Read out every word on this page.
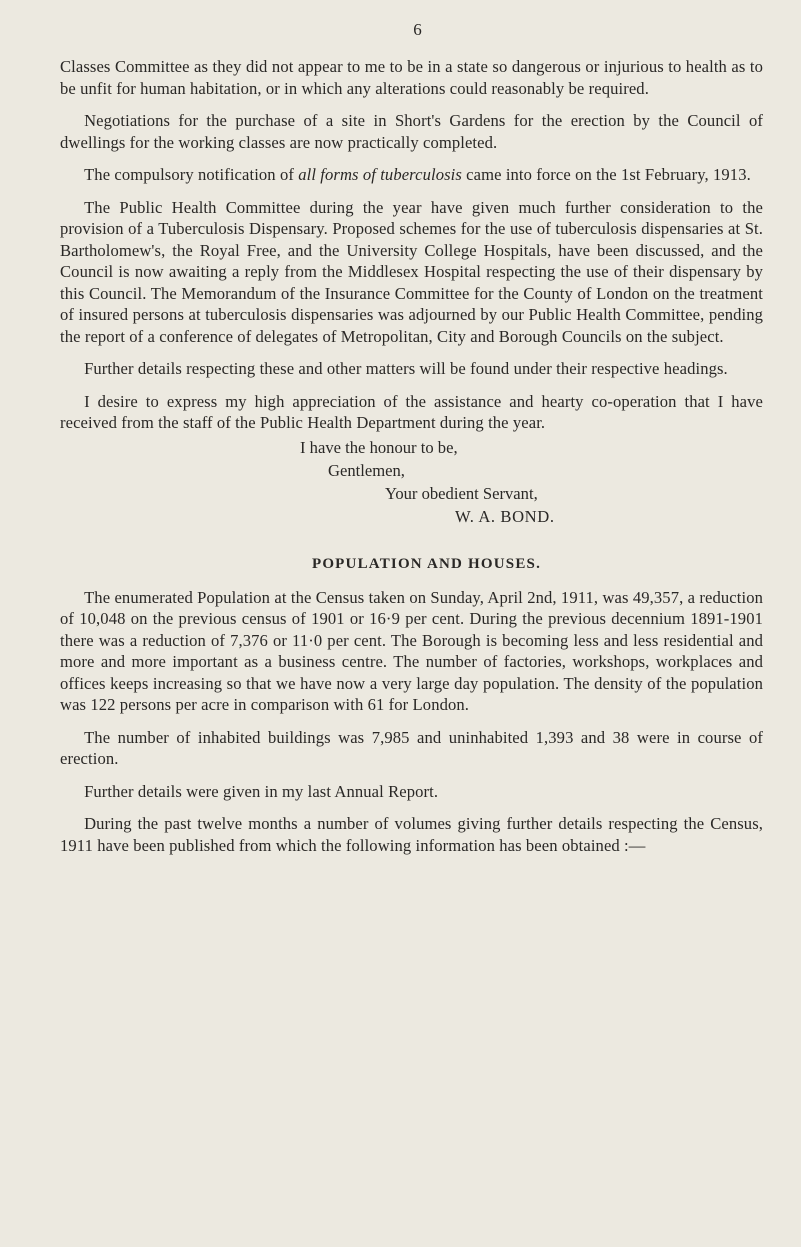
6

Classes Committee as they did not appear to me to be in a state so dangerous or injurious to health as to be unfit for human habitation, or in which any alterations could reasonably be required.

Negotiations for the purchase of a site in Short's Gardens for the erection by the Council of dwellings for the working classes are now practically completed.

The compulsory notification of all forms of tuberculosis came into force on the 1st February, 1913.

The Public Health Committee during the year have given much further consideration to the provision of a Tuberculosis Dispensary. Proposed schemes for the use of tuberculosis dispensaries at St. Bartholomew's, the Royal Free, and the University College Hospitals, have been discussed, and the Council is now awaiting a reply from the Middlesex Hospital respecting the use of their dispensary by this Council. The Memorandum of the Insurance Committee for the County of London on the treatment of insured persons at tuberculosis dispensaries was adjourned by our Public Health Committee, pending the report of a conference of delegates of Metropolitan, City and Borough Councils on the subject.

Further details respecting these and other matters will be found under their respective headings.

I desire to express my high appreciation of the assistance and hearty co-operation that I have received from the staff of the Public Health Department during the year.

I have the honour to be,
Gentlemen,
Your obedient Servant,
W. A. BOND.
POPULATION AND HOUSES.

The enumerated Population at the Census taken on Sunday, April 2nd, 1911, was 49,357, a reduction of 10,048 on the previous census of 1901 or 16·9 per cent. During the previous decennium 1891-1901 there was a reduction of 7,376 or 11·0 per cent. The Borough is becoming less and less residential and more and more important as a business centre. The number of factories, workshops, workplaces and offices keeps increasing so that we have now a very large day population. The density of the population was 122 persons per acre in comparison with 61 for London.

The number of inhabited buildings was 7,985 and uninhabited 1,393 and 38 were in course of erection.

Further details were given in my last Annual Report.

During the past twelve months a number of volumes giving further details respecting the Census, 1911 have been published from which the following information has been obtained :—
